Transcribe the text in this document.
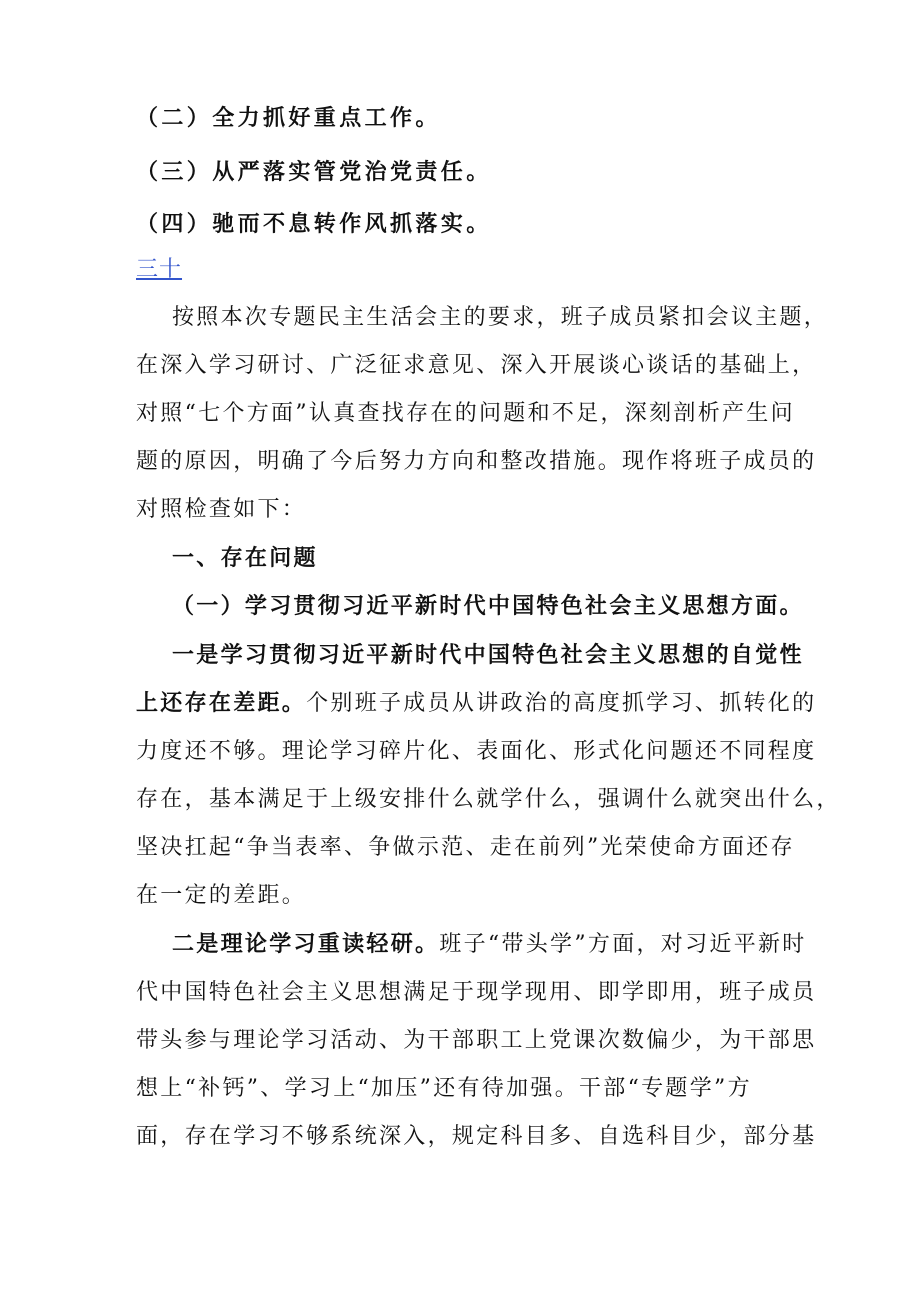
（二）全力抓好重点工作。
（三）从严落实管党治党责任。
（四）驰而不息转作风抓落实。
三十
按照本次专题民主生活会主的要求，班子成员紧扣会议主题，
在深入学习研讨、广泛征求意见、深入开展谈心谈话的基础上，
对照“七个方面”认真查找存在的问题和不足，深刻剖析产生问
题的原因，明确了今后努力方向和整改措施。现作将班子成员的
对照检查如下：
一、存在问题
（一）学习贯彻习近平新时代中国特色社会主义思想方面。
一是学习贯彻习近平新时代中国特色社会主义思想的自觉性
上还存在差距。个别班子成员从讲政治的高度抓学习、抓转化的
力度还不够。理论学习碎片化、表面化、形式化问题还不同程度
存在，基本满足于上级安排什么就学什么，强调什么就突出什么，
坚决扛起“争当表率、争做示范、走在前列”光荣使命方面还存
在一定的差距。
二是理论学习重读轻研。班子“带头学”方面，对习近平新时
代中国特色社会主义思想满足于现学现用、即学即用，班子成员
带头参与理论学习活动、为干部职工上党课次数偏少，为干部思
想上“补钙”、学习上“加压”还有待加强。干部“专题学”方
面，存在学习不够系统深入，规定科目多、自选科目少，部分基
